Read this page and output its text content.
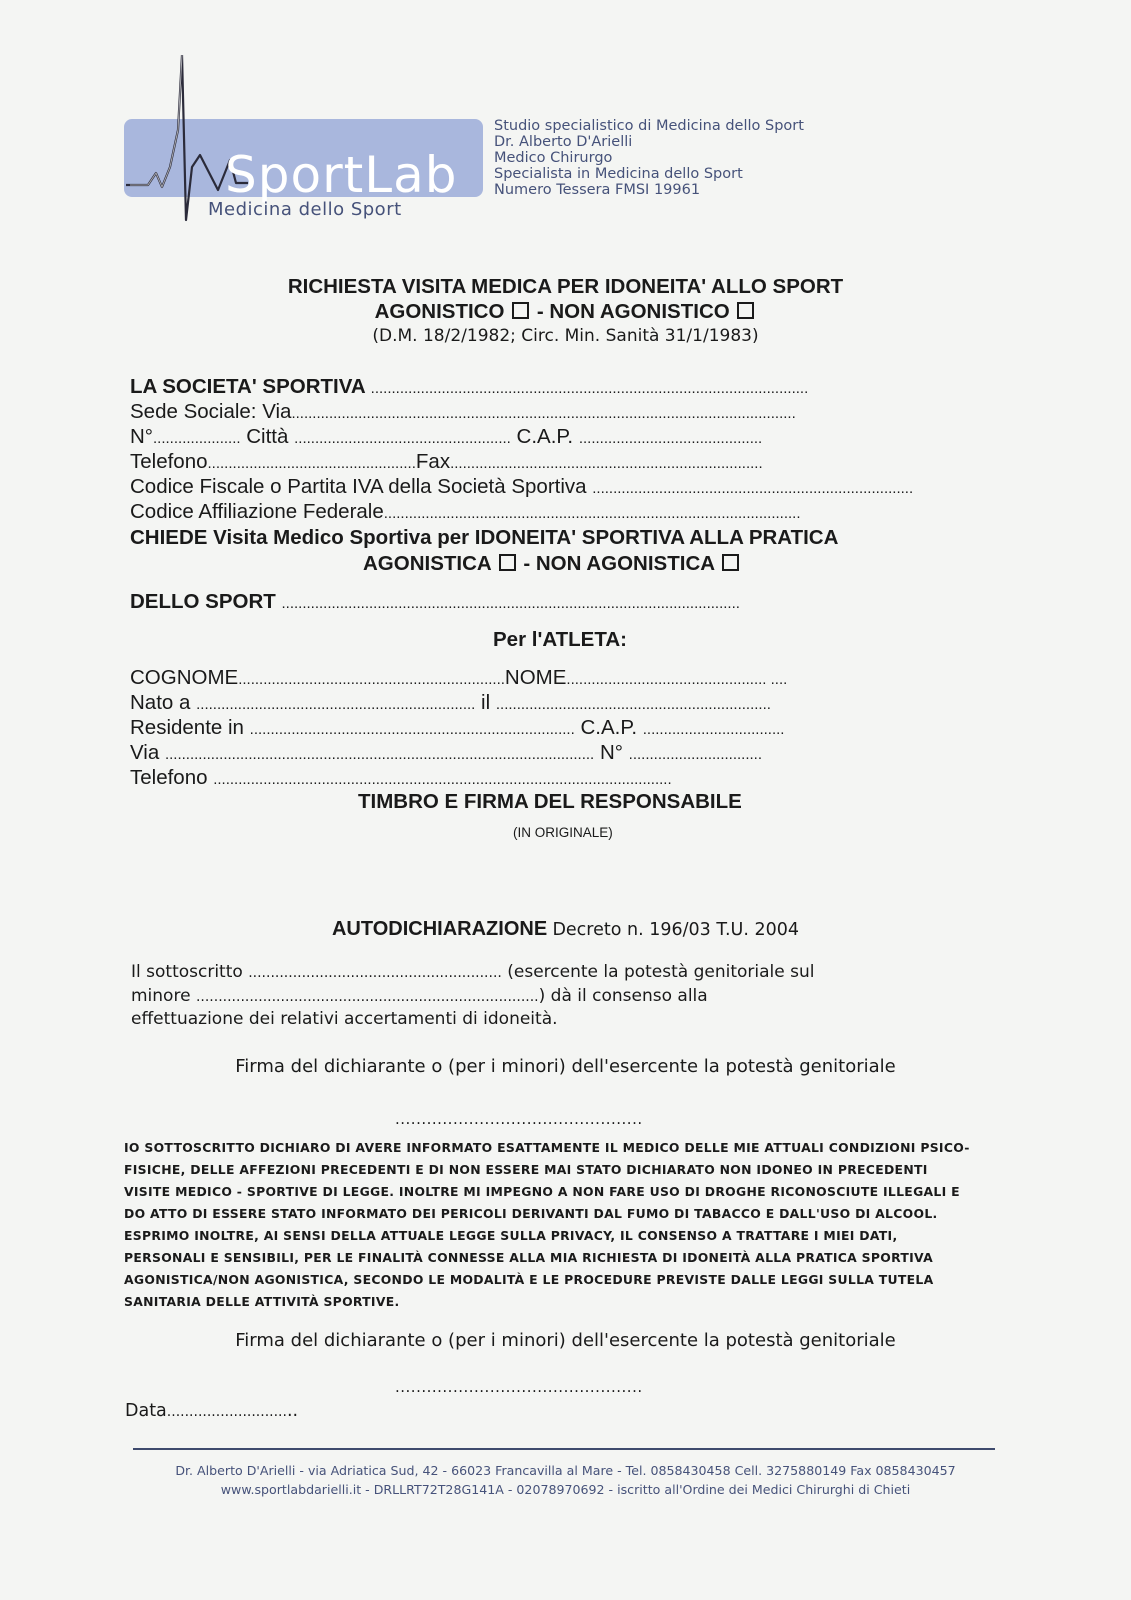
SportLab
Medicina dello Sport
Studio specialistico di Medicina dello Sport
Dr. Alberto D'Arielli
Medico Chirurgo
Specialista in Medicina dello Sport
Numero Tessera FMSI 19961
RICHIESTA VISITA MEDICA PER IDONEITA' ALLO SPORT
AGONISTICO - NON AGONISTICO
(D.M. 18/2/1982; Circ. Min. Sanità 31/1/1983)
LA SOCIETA' SPORTIVA .........................................................................................................
Sede Sociale: Via.........................................................................................................................
N°..................... Città .................................................... C.A.P. ............................................
Telefono..................................................Fax...........................................................................
Codice Fiscale o Partita IVA della Società Sportiva .............................................................................
Codice Affiliazione Federale....................................................................................................
CHIEDE Visita Medico Sportiva per IDONEITA' SPORTIVA ALLA PRATICA
AGONISTICA - NON AGONISTICA
DELLO SPORT ..............................................................................................................
Per l'ATLETA:
COGNOME................................................................NOME................................................ ....
Nato a ................................................................... il ..................................................................
Residente in .............................................................................. C.A.P. ..................................
Via ....................................................................................................... N° ................................
Telefono ..............................................................................................................
TIMBRO E FIRMA DEL RESPONSABILE
(IN ORIGINALE)
AUTODICHIARAZIONE Decreto n. 196/03 T.U. 2004
Il sottoscritto ......................................................... (esercente la potestà genitoriale sul
minore .............................................................................) dà il consenso alla
effettuazione dei relativi accertamenti di idoneità.
Firma del dichiarante o (per i minori) dell'esercente la potestà genitoriale
...............................................
IO SOTTOSCRITTO DICHIARO DI AVERE INFORMATO ESATTAMENTE IL MEDICO DELLE MIE ATTUALI CONDIZIONI PSICO-
FISICHE, DELLE AFFEZIONI PRECEDENTI E DI NON ESSERE MAI STATO DICHIARATO NON IDONEO IN PRECEDENTI
VISITE MEDICO - SPORTIVE DI LEGGE. INOLTRE MI IMPEGNO A NON FARE USO DI DROGHE RICONOSCIUTE ILLEGALI E
DO ATTO DI ESSERE STATO INFORMATO DEI PERICOLI DERIVANTI DAL FUMO DI TABACCO E DALL'USO DI ALCOOL.
ESPRIMO INOLTRE, AI SENSI DELLA ATTUALE LEGGE SULLA PRIVACY, IL CONSENSO A TRATTARE I MIEI DATI,
PERSONALI E SENSIBILI, PER LE FINALITÀ CONNESSE ALLA MIA RICHIESTA DI IDONEITÀ ALLA PRATICA SPORTIVA
AGONISTICA/NON AGONISTICA, SECONDO LE MODALITÀ E LE PROCEDURE PREVISTE DALLE LEGGI SULLA TUTELA
SANITARIA DELLE ATTIVITÀ SPORTIVE.
Firma del dichiarante o (per i minori) dell'esercente la potestà genitoriale
...............................................
Data.............................
Dr. Alberto D'Arielli - via Adriatica Sud, 42 - 66023 Francavilla al Mare - Tel. 0858430458 Cell. 3275880149 Fax 0858430457
www.sportlabdarielli.it - DRLLRT72T28G141A - 02078970692 - iscritto all'Ordine dei Medici Chirurghi di Chieti
